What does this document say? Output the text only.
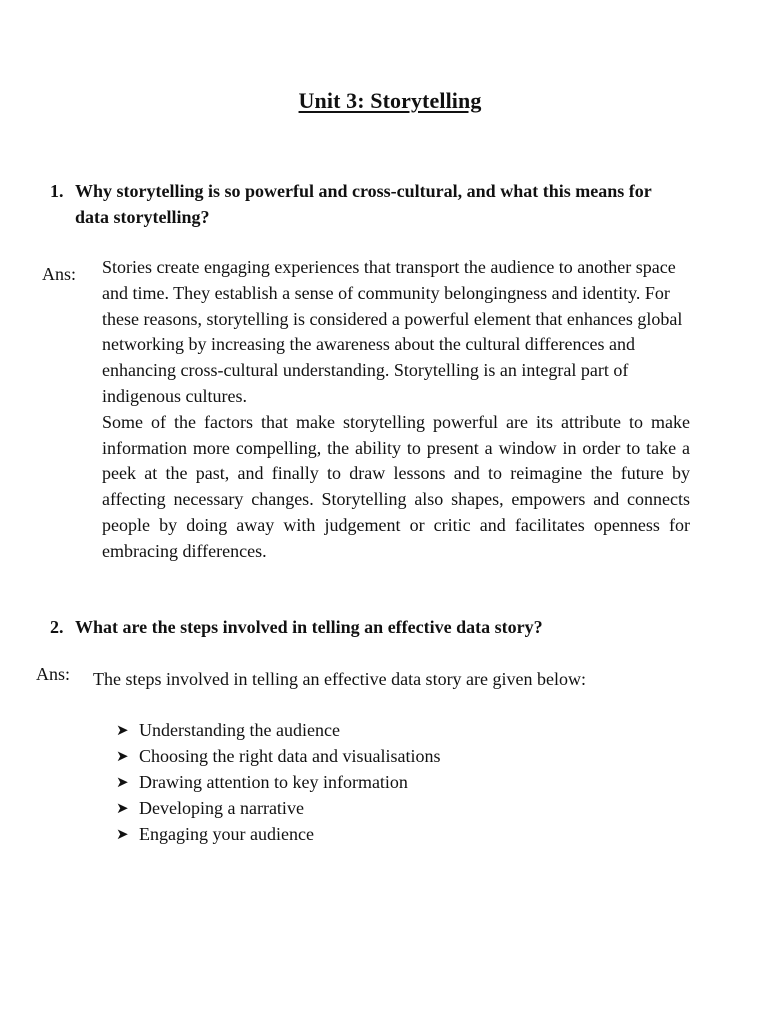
Unit 3: Storytelling
1. Why storytelling is so powerful and cross-cultural, and what this means for data storytelling?
Ans: Stories create engaging experiences that transport the audience to another space and time. They establish a sense of community belongingness and identity. For these reasons, storytelling is considered a powerful element that enhances global networking by increasing the awareness about the cultural differences and enhancing cross-cultural understanding. Storytelling is an integral part of indigenous cultures.

Some of the factors that make storytelling powerful are its attribute to make information more compelling, the ability to present a window in order to take a peek at the past, and finally to draw lessons and to reimagine the future by affecting necessary changes. Storytelling also shapes, empowers and connects people by doing away with judgement or critic and facilitates openness for embracing differences.

2. What are the steps involved in telling an effective data story?
Ans: The steps involved in telling an effective data story are given below:
➤ Understanding the audience
➤ Choosing the right data and visualisations
➤ Drawing attention to key information
➤ Developing a narrative
➤ Engaging your audience
